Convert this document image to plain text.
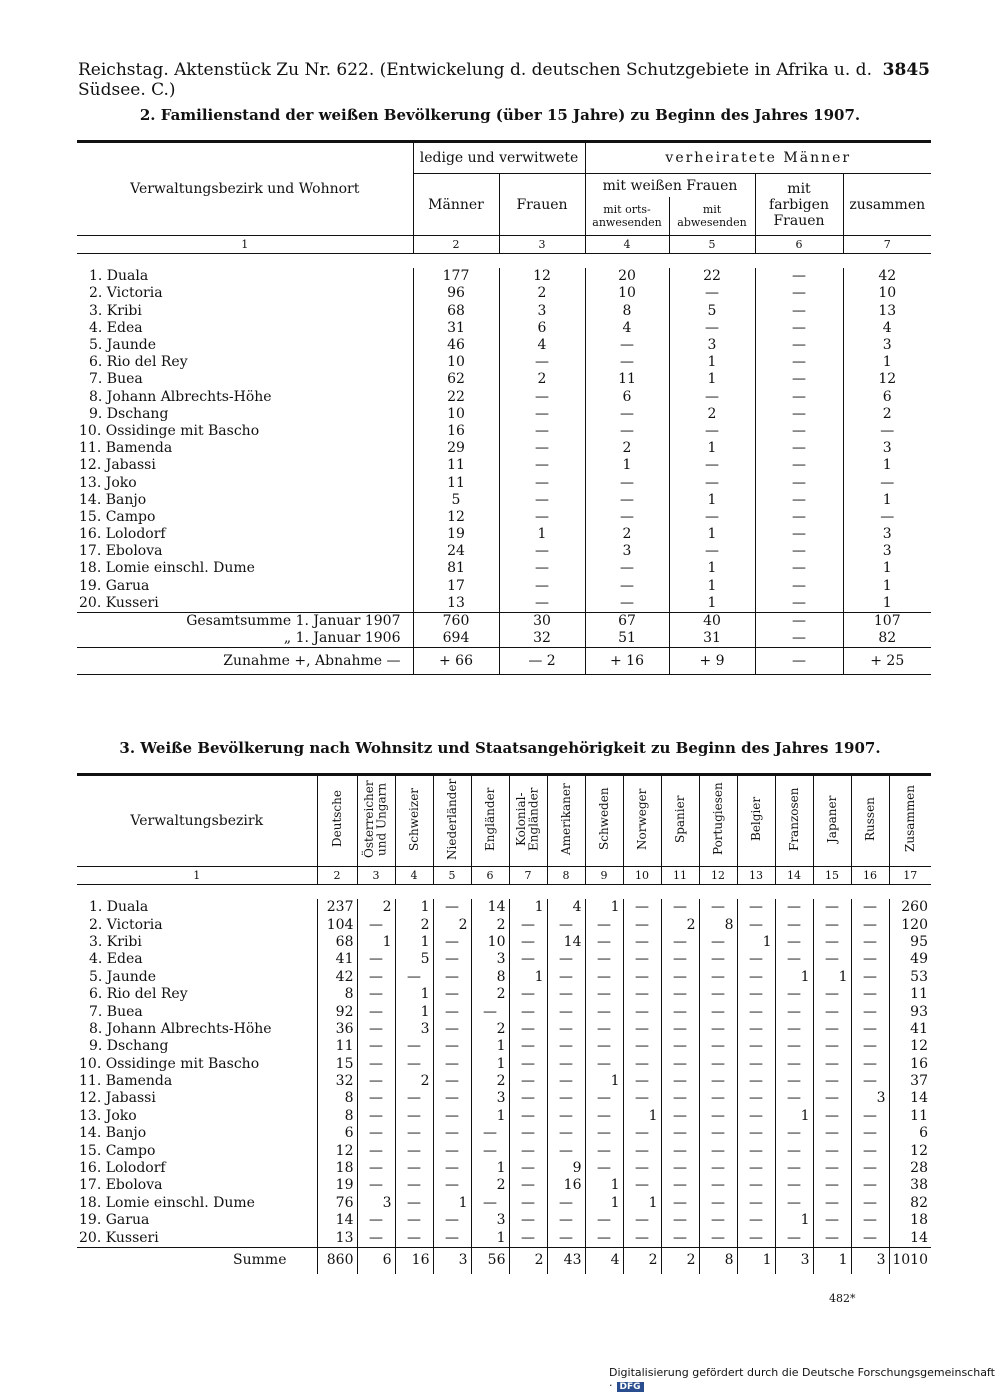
Reichstag. Aktenstück Zu Nr. 622. (Entwickelung d. deutschen Schutzgebiete in Afrika u. d. Südsee. C.)
3845
2. Familienstand der weißen Bevölkerung (über 15 Jahre) zu Beginn des Jahres 1907.
Verwaltungsbezirk und Wohnort	ledige und verwitwete		verheiratete Männer			
	Männer	Frauen	mit weißen Frauen		mit farbigen Frauen	zusammen
			mit orts- anwesenden	mit abwesenden		
1	2	3	4	5	6	7

1. Duala	177	12	20	22	—	42
2. Victoria	96	2	10	—	—	10
3. Kribi	68	3	8	5	—	13
4. Edea	31	6	4	—	—	4
5. Jaunde	46	4	—	3	—	3
6. Rio del Rey	10	—	—	1	—	1
7. Buea	62	2	11	1	—	12
8. Johann Albrechts-Höhe	22	—	6	—	—	6
9. Dschang	10	—	—	2	—	2
10. Ossidinge mit Bascho	16	—	—	—	—	—
11. Bamenda	29	—	2	1	—	3
12. Jabassi	11	—	1	—	—	1
13. Joko	11	—	—	—	—	—
14. Banjo	5	—	—	1	—	1
15. Campo	12	—	—	—	—	—
16. Lolodorf	19	1	2	1	—	3
17. Ebolova	24	—	3	—	—	3
18. Lomie einschl. Dume	81	—	—	1	—	1
19. Garua	17	—	—	1	—	1
20. Kusseri	13	—	—	1	—	1
Gesamtsumme 1. Januar 1907	760	30	67	40	—	107
„ 1. Januar 1906	694	32	51	31	—	82
Zunahme +, Abnahme —	+ 66	— 2	+ 16	+ 9	—	+ 25
3. Weiße Bevölkerung nach Wohnsitz und Staatsangehörigkeit zu Beginn des Jahres 1907.
Verwaltungsbezirk	Deutsche	Österreicher und Ungarn	Schweizer	Niederländer	Engländer	Kolonial- Engländer	Amerikaner	Schweden	Norweger	Spanier	Portugiesen	Belgier	Franzosen	Japaner	Russen	Zusammen
1	2	3	4	5	6	7	8	9	10	11	12	13	14	15	16	17

1. Duala	237	2	1	—	14	1	4	1	—	—	—	—	—	—	—	260
2. Victoria	104	—	2	2	2	—	—	—	—	2	8	—	—	—	—	120
3. Kribi	68	1	1	—	10	—	14	—	—	—	—	1	—	—	—	95
4. Edea	41	—	5	—	3	—	—	—	—	—	—	—	—	—	—	49
5. Jaunde	42	—	—	—	8	1	—	—	—	—	—	—	1	1	—	53
6. Rio del Rey	8	—	1	—	2	—	—	—	—	—	—	—	—	—	—	11
7. Buea	92	—	1	—	—	—	—	—	—	—	—	—	—	—	—	93
8. Johann Albrechts-Höhe	36	—	3	—	2	—	—	—	—	—	—	—	—	—	—	41
9. Dschang	11	—	—	—	1	—	—	—	—	—	—	—	—	—	—	12
10. Ossidinge mit Bascho	15	—	—	—	1	—	—	—	—	—	—	—	—	—	—	16
11. Bamenda	32	—	2	—	2	—	—	1	—	—	—	—	—	—	—	37
12. Jabassi	8	—	—	—	3	—	—	—	—	—	—	—	—	—	3	14
13. Joko	8	—	—	—	1	—	—	—	1	—	—	—	1	—	—	11
14. Banjo	6	—	—	—	—	—	—	—	—	—	—	—	—	—	—	6
15. Campo	12	—	—	—	—	—	—	—	—	—	—	—	—	—	—	12
16. Lolodorf	18	—	—	—	1	—	9	—	—	—	—	—	—	—	—	28
17. Ebolova	19	—	—	—	2	—	16	1	—	—	—	—	—	—	—	38
18. Lomie einschl. Dume	76	3	—	1	—	—	—	1	1	—	—	—	—	—	—	82
19. Garua	14	—	—	—	3	—	—	—	—	—	—	—	1	—	—	18
20. Kusseri	13	—	—	—	1	—	—	—	—	—	—	—	—	—	—	14
Summe	860	6	16	3	56	2	43	4	2	2	8	1	3	1	3	1010
482*
Digitalisierung gefördert durch die Deutsche Forschungsgemeinschaft · DFG
